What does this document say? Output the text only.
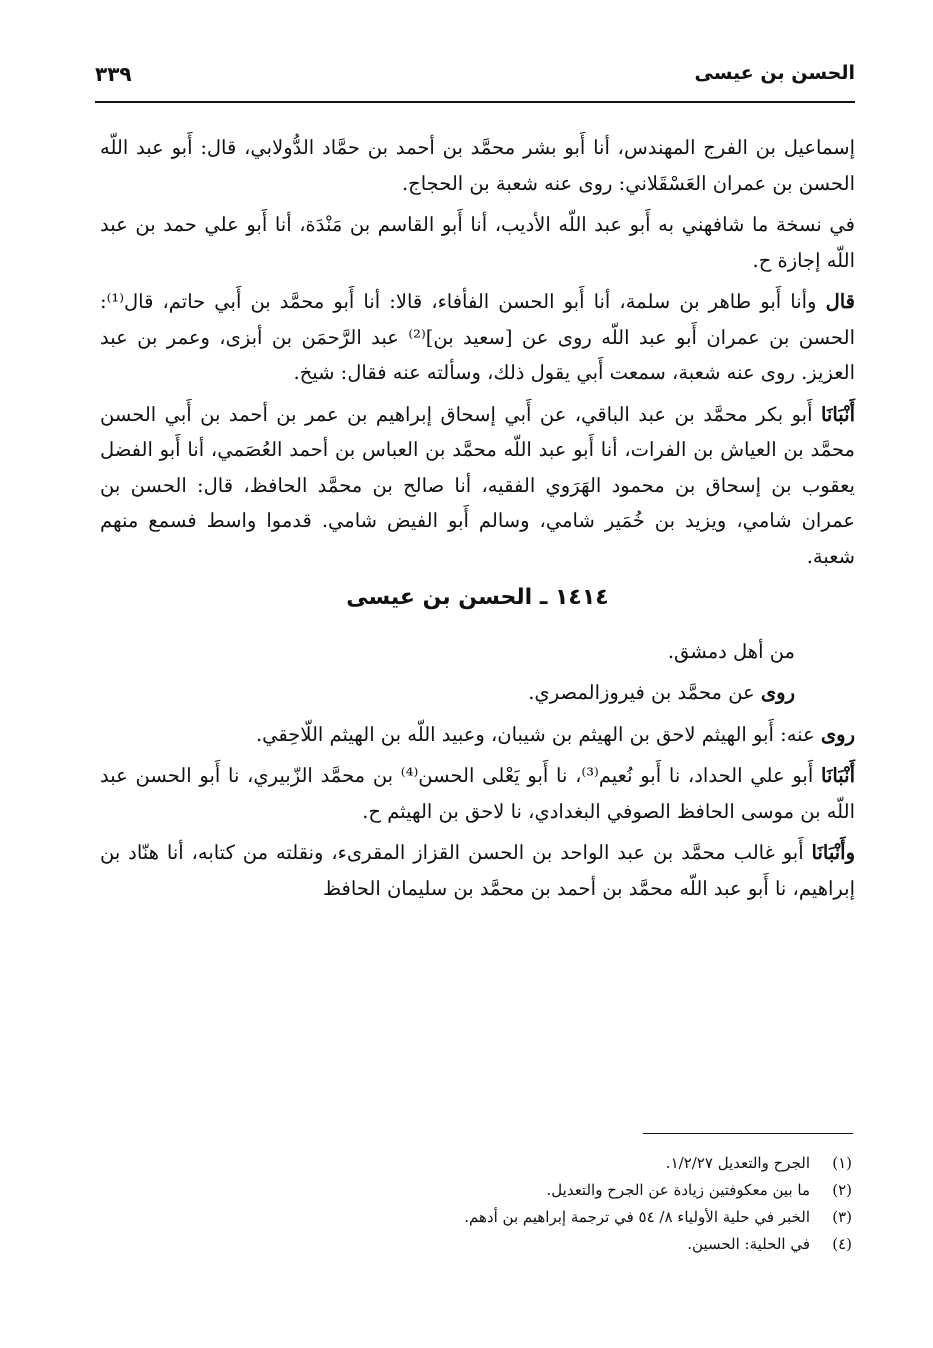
الحسن بن عيسى
٣٣٩

إسماعيل بن الفرج المهندس، أنا أَبو بشر محمَّد بن أحمد بن حمَّاد الدُّولابي، قال: أَبو عبد اللّه الحسن بن عمران العَسْقَلاني: روى عنه شعبة بن الحجاج.

في نسخة ما شافهني به أَبو عبد اللّه الأديب، أنا أَبو القاسم بن مَنْدَة، أنا أَبو علي حمد بن عبد اللّه إجازة ح.

قال وأنا أَبو طاهر بن سلمة، أنا أَبو الحسن الفأفاء، قالا: أنا أَبو محمَّد بن أَبي حاتم، قال⁽¹⁾: الحسن بن عمران أَبو عبد اللّه روى عن [سعيد بن]⁽²⁾ عبد الرَّحمَن بن أبزى، وعمر بن عبد العزيز. روى عنه شعبة، سمعت أَبي يقول ذلك، وسألته عنه فقال: شيخ.

أَنْبَانَا أَبو بكر محمَّد بن عبد الباقي، عن أَبي إسحاق إبراهيم بن عمر بن أحمد بن أَبي الحسن محمَّد بن العياش بن الفرات، أنا أَبو عبد اللّه محمَّد بن العباس بن أحمد العُصَمي، أنا أَبو الفضل يعقوب بن إسحاق بن محمود الهَرَوي الفقيه، أنا صالح بن محمَّد الحافظ، قال: الحسن بن عمران شامي، ويزيد بن خُمَير شامي، وسالم أَبو الفيض شامي. قدموا واسط فسمع منهم شعبة.

١٤١٤ ـ الحسن بن عيسى

من أهل دمشق.

روى عن محمَّد بن فيروزالمصري.

روى عنه: أَبو الهيثم لاحق بن الهيثم بن شيبان، وعبيد اللّه بن الهيثم اللّاحِقي.

أَنْبَانَا أَبو علي الحداد، نا أَبو نُعيم⁽³⁾، نا أَبو يَعْلى الحسن⁽⁴⁾ بن محمَّد الزّبيري، نا أَبو الحسن عبد اللّه بن موسى الحافظ الصوفي البغدادي، نا لاحق بن الهيثم ح.

وأَنْبَانَا أَبو غالب محمَّد بن عبد الواحد بن الحسن القزاز المقرىء، ونقلته من كتابه، أنا هنّاد بن إبراهيم، نا أَبو عبد اللّه محمَّد بن أحمد بن محمَّد بن سليمان الحافظ

(١)
الجرح والتعديل ١/٢/٢٧.
(٢)
ما بين معكوفتين زيادة عن الجرح والتعديل.
(٣)
الخبر في حلية الأولياء ٨/ ٥٤ في ترجمة إبراهيم بن أدهم.
(٤)
في الحلية: الحسين.
